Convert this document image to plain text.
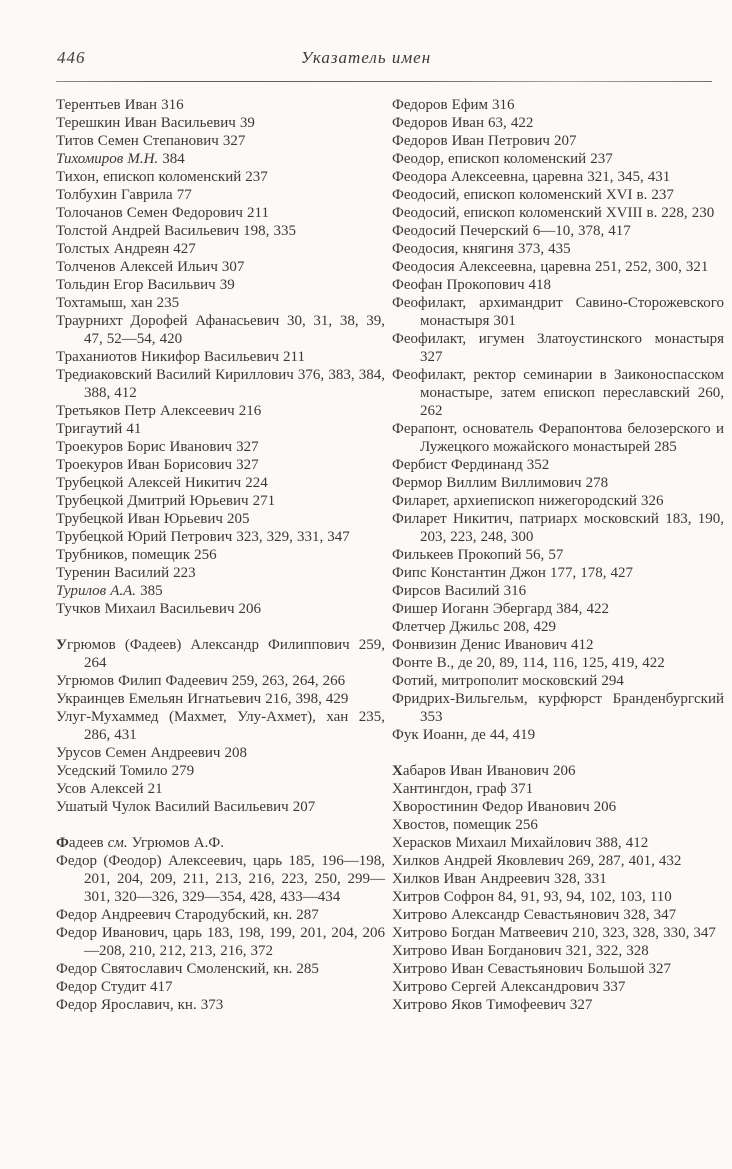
446	Указатель имен

Терентьев Иван 316

Терешкин Иван Васильевич 39

Титов Семен Степанович 327

Тихомиров М.Н. 384

Тихон, епископ коломенский 237

Толбухин Гаврила 77

Толочанов Семен Федорович 211

Толстой Андрей Васильевич 198, 335

Толстых Андреян 427

Толченов Алексей Ильич 307

Тольдин Егор Васильвич 39

Тохтамыш, хан 235

Траурнихт Дорофей Афанасьевич 30, 31, 38, 39, 47, 52—54, 420

Траханиотов Никифор Васильевич 211

Тредиаковский Василий Кириллович 376, 383, 384, 388, 412

Третьяков Петр Алексеевич 216

Тригаутий 41

Троекуров Борис Иванович 327

Троекуров Иван Борисович 327

Трубецкой Алексей Никитич 224

Трубецкой Дмитрий Юрьевич 271

Трубецкой Иван Юрьевич 205

Трубецкой Юрий Петрович 323, 329, 331, 347

Трубников, помещик 256

Туренин Василий 223

Турилов А.А. 385

Тучков Михаил Васильевич 206

Угрюмов (Фадеев) Александр Филиппович 259, 264

Угрюмов Филип Фадеевич 259, 263, 264, 266

Украинцев Емельян Игнатьевич 216, 398, 429

Улуг-Мухаммед (Махмет, Улу-Ахмет), хан 235, 286, 431

Урусов Семен Андреевич 208

Уседский Томило 279

Усов Алексей 21

Ушатый Чулок Василий Васильевич 207

Фадеев см. Угрюмов А.Ф.

Федор (Феодор) Алексеевич, царь 185, 196—198, 201, 204, 209, 211, 213, 216, 223, 250, 299—301, 320—326, 329—354, 428, 433—434

Федор Андреевич Стародубский, кн. 287

Федор Иванович, царь 183, 198, 199, 201, 204, 206—208, 210, 212, 213, 216, 372

Федор Святославич Смоленский, кн. 285

Федор Студит 417

Федор Ярославич, кн. 373

Федоров Ефим 316

Федоров Иван 63, 422

Федоров Иван Петрович 207

Феодор, епископ коломенский 237

Феодора Алексеевна, царевна 321, 345, 431

Феодосий, епископ коломенский XVI в. 237

Феодосий, епископ коломенский XVIII в. 228, 230

Феодосий Печерский 6—10, 378, 417

Феодосия, княгиня 373, 435

Феодосия Алексеевна, царевна 251, 252, 300, 321

Феофан Прокопович 418

Феофилакт, архимандрит Савино-Сторожевского монастыря 301

Феофилакт, игумен Златоустинского монастыря 327

Феофилакт, ректор семинарии в Заиконоспасском монастыре, затем епископ переславский 260, 262

Ферапонт, основатель Ферапонтова белозерского и Лужецкого можайского монастырей 285

Фербист Фердинанд 352

Фермор Виллим Виллимович 278

Филарет, архиепископ нижегородский 326

Филарет Никитич, патриарх московский 183, 190, 203, 223, 248, 300

Филькеев Прокопий 56, 57

Фипс Константин Джон 177, 178, 427

Фирсов Василий 316

Фишер Иоганн Эбергард 384, 422

Флетчер Джильс 208, 429

Фонвизин Денис Иванович 412

Фонте В., де 20, 89, 114, 116, 125, 419, 422

Фотий, митрополит московский 294

Фридрих-Вильгельм, курфюрст Бранденбургский 353

Фук Иоанн, де 44, 419

Хабаров Иван Иванович 206

Хантингдон, граф 371

Хворостинин Федор Иванович 206

Хвостов, помещик 256

Херасков Михаил Михайлович 388, 412

Хилков Андрей Яковлевич 269, 287, 401, 432

Хилков Иван Андреевич 328, 331

Хитров Софрон 84, 91, 93, 94, 102, 103, 110

Хитрово Александр Севастьянович 328, 347

Хитрово Богдан Матвеевич 210, 323, 328, 330, 347

Хитрово Иван Богданович 321, 322, 328

Хитрово Иван Севастьянович Большой 327

Хитрово Сергей Александрович 337

Хитрово Яков Тимофеевич 327
